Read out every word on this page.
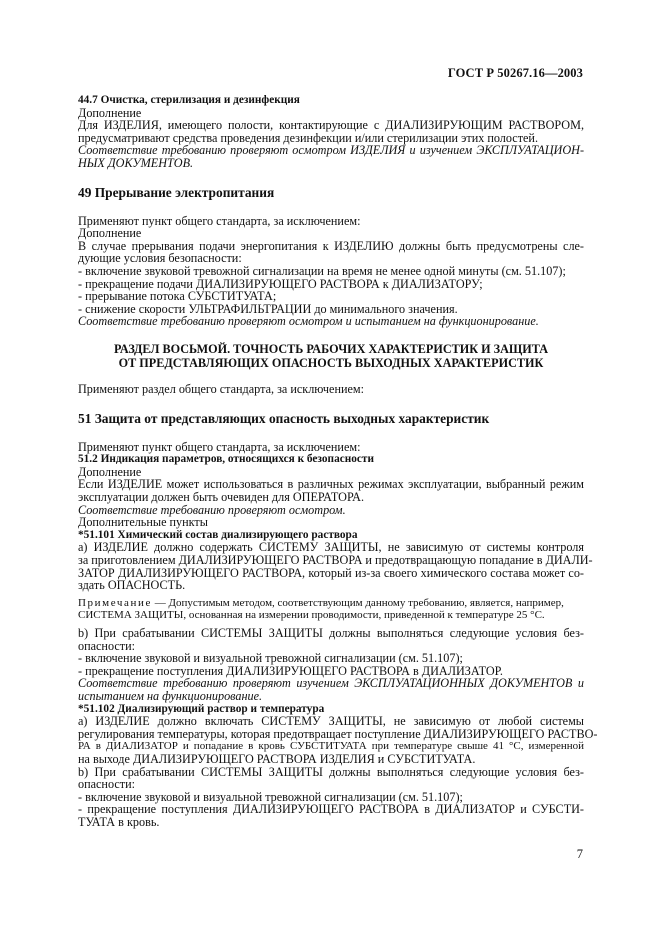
ГОСТ Р 50267.16—2003
44.7 Очистка, стерилизация и дезинфекция
Дополнение
Для ИЗДЕЛИЯ, имеющего полости, контактирующие с ДИАЛИЗИРУЮЩИМ РАСТВОРОМ,
предусматривают средства проведения дезинфекции и/или стерилизации этих полостей.
Соответствие требованию проверяют осмотром ИЗДЕЛИЯ и изучением ЭКСПЛУАТАЦИОН-
НЫХ ДОКУМЕНТОВ.
49 Прерывание электропитания
Применяют пункт общего стандарта, за исключением:
Дополнение
В случае прерывания подачи энергопитания к ИЗДЕЛИЮ должны быть предусмотрены сле-
дующие условия безопасности:
- включение звуковой тревожной сигнализации на время не менее одной минуты (см. 51.107);
- прекращение подачи ДИАЛИЗИРУЮЩЕГО РАСТВОРА к ДИАЛИЗАТОРУ;
- прерывание потока СУБСТИТУАТА;
- снижение скорости УЛЬТРАФИЛЬТРАЦИИ до минимального значения.
Соответствие требованию проверяют осмотром и испытанием на функционирование.
РАЗДЕЛ ВОСЬМОЙ. ТОЧНОСТЬ РАБОЧИХ ХАРАКТЕРИСТИК И ЗАЩИТА
ОТ ПРЕДСТАВЛЯЮЩИХ ОПАСНОСТЬ ВЫХОДНЫХ ХАРАКТЕРИСТИК
Применяют раздел общего стандарта, за исключением:
51 Защита от представляющих опасность выходных характеристик
Применяют пункт общего стандарта, за исключением:
51.2 Индикация параметров, относящихся к безопасности
Дополнение
Если ИЗДЕЛИЕ может использоваться в различных режимах эксплуатации, выбранный режим
эксплуатации должен быть очевиден для ОПЕРАТОРА.
Соответствие требованию проверяют осмотром.
Дополнительные пункты
*51.101 Химический состав диализирующего раствора
а) ИЗДЕЛИЕ должно содержать СИСТЕМУ ЗАЩИТЫ, не зависимую от системы контроля
за приготовлением ДИАЛИЗИРУЮЩЕГО РАСТВОРА и предотвращающую попадание в ДИАЛИ-
ЗАТОР ДИАЛИЗИРУЮЩЕГО РАСТВОРА, который из-за своего химического состава может со-
здать ОПАСНОСТЬ.
Примечание — Допустимым методом, соответствующим данному требованию, является, например,
СИСТЕМА ЗАЩИТЫ, основанная на измерении проводимости, приведенной к температуре 25 °С.
b) При срабатывании СИСТЕМЫ ЗАЩИТЫ должны выполняться следующие условия без-
опасности:
- включение звуковой и визуальной тревожной сигнализации (см. 51.107);
- прекращение поступления ДИАЛИЗИРУЮЩЕГО РАСТВОРА в ДИАЛИЗАТОР.
Соответствие требованию проверяют изучением ЭКСПЛУАТАЦИОННЫХ ДОКУМЕНТОВ и
испытанием на функционирование.
*51.102 Диализирующий раствор и температура
а) ИЗДЕЛИЕ должно включать СИСТЕМУ ЗАЩИТЫ, не зависимую от любой системы
регулирования температуры, которая предотвращает поступление ДИАЛИЗИРУЮЩЕГО РАСТВО-
РА в ДИАЛИЗАТОР и попадание в кровь СУБСТИТУАТА при температуре свыше 41 °С, измеренной
на выходе ДИАЛИЗИРУЮЩЕГО РАСТВОРА ИЗДЕЛИЯ и СУБСТИТУАТА.
b) При срабатывании СИСТЕМЫ ЗАЩИТЫ должны выполняться следующие условия без-
опасности:
- включение звуковой и визуальной тревожной сигнализации (см. 51.107);
- прекращение поступления ДИАЛИЗИРУЮЩЕГО РАСТВОРА в ДИАЛИЗАТОР и СУБСТИ-
ТУАТА в кровь.
7
